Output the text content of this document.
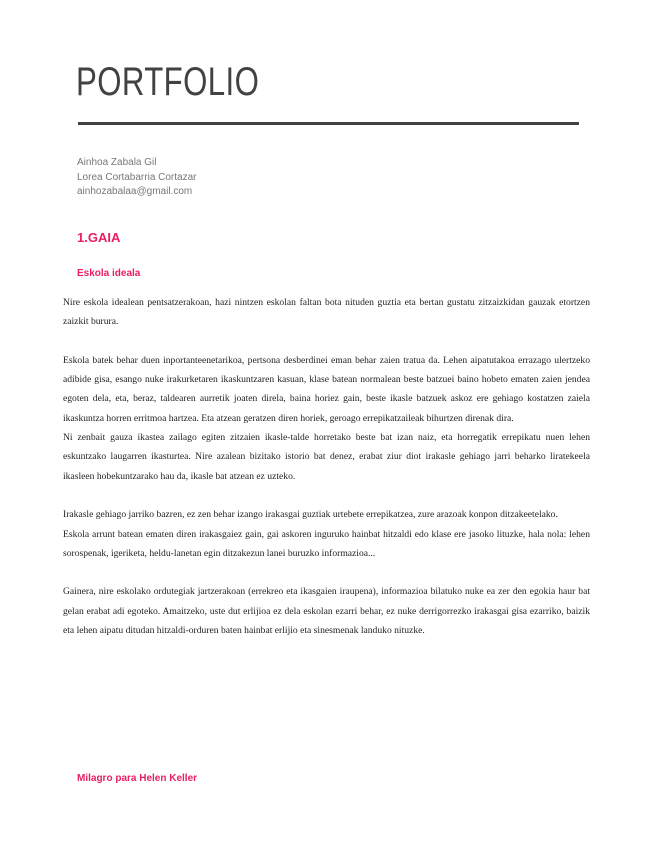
PORTFOLIO
Ainhoa Zabala Gil
Lorea Cortabarria Cortazar
ainhozabalaa@gmail.com
1.GAIA
Eskola ideala

Nire eskola idealean pentsatzerakoan, hazi nintzen eskolan faltan bota nituden guztia eta bertan gustatu zitzaizkidan gauzak etortzen zaizkit burura.

Eskola batek behar duen inportanteenetarikoa, pertsona desberdinei eman behar zaien tratua da. Lehen aipatutakoa errazago ulertzeko adibide gisa, esango nuke irakurketaren ikaskuntzaren kasuan, klase batean normalean beste batzuei baino hobeto ematen zaien jendea egoten dela, eta, beraz, taldearen aurretik joaten direla, baina horiez gain, beste ikasle batzuek askoz ere gehiago kostatzen zaiela ikaskuntza horren erritmoa hartzea. Eta atzean geratzen diren horiek, geroago errepikatzaileak bihurtzen direnak dira.

Ni zenbait gauza ikastea zailago egiten zitzaien ikasle-talde horretako beste bat izan naiz, eta horregatik errepikatu nuen lehen eskuntzako laugarren ikasturtea. Nire azalean bizitako istorio bat denez, erabat ziur diot irakasle gehiago jarri beharko liratekeela ikasleen hobekuntzarako hau da, ikasle bat atzean ez uzteko.

Irakasle gehiago jarriko bazren, ez zen behar izango irakasgai guztiak urtebete errepikatzea, zure arazoak konpon ditzakeetelako.

Eskola arrunt batean ematen diren irakasgaiez gain, gai askoren inguruko hainbat hitzaldi edo klase ere jasoko lituzke, hala nola: lehen sorospenak, igeriketa, heldu-lanetan egin ditzakezun lanei buruzko informazioa...

Gainera, nire eskolako ordutegiak jartzerakoan (errekreo eta ikasgaien iraupena), informazioa bilatuko nuke ea zer den egokia haur bat gelan erabat adi egoteko. Amaitzeko, uste dut erlijioa ez dela eskolan ezarri behar, ez nuke derrigorrezko irakasgai gisa ezarriko, baizik eta lehen aipatu ditudan hitzaldi-orduren baten hainbat erlijio eta sinesmenak landuko nituzke.

Milagro para Helen Keller
